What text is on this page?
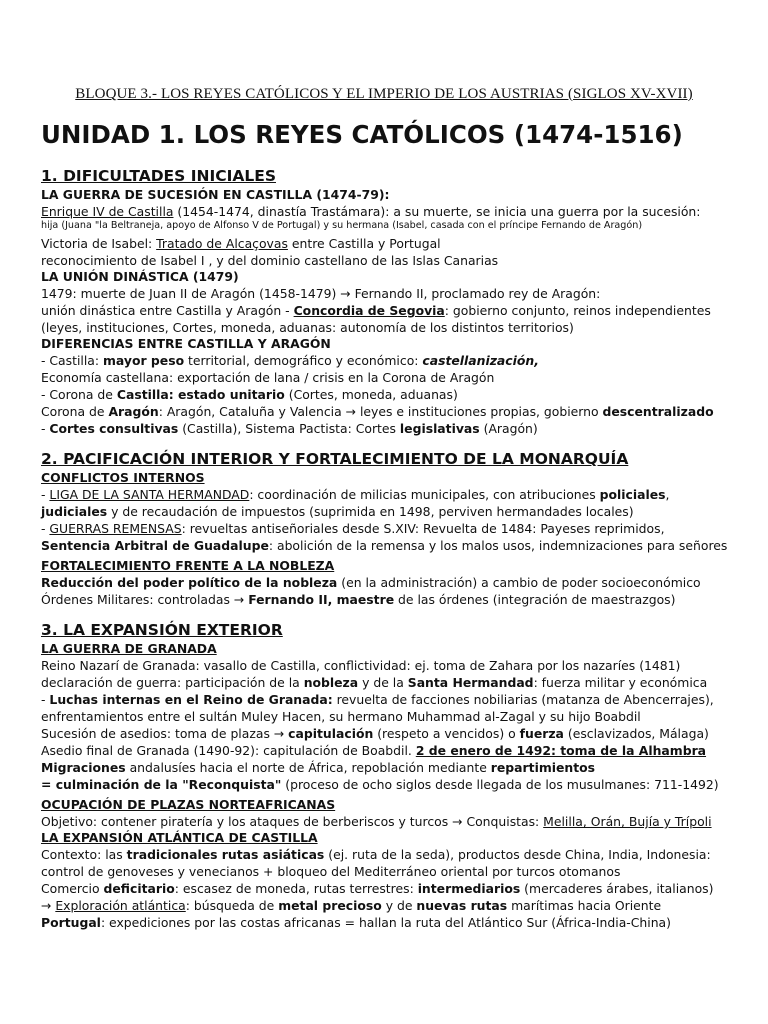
BLOQUE 3.- LOS REYES CATÓLICOS Y EL IMPERIO DE LOS AUSTRIAS (SIGLOS XV-XVII)
UNIDAD 1. LOS REYES CATÓLICOS (1474-1516)
1. DIFICULTADES INICIALES

LA GUERRA DE SUCESIÓN EN CASTILLA (1474-79):

Enrique IV de Castilla (1454-1474, dinastía Trastámara): a su muerte, se inicia una guerra por la sucesión:

hija (Juana "la Beltraneja, apoyo de Alfonso V de Portugal) y su hermana (Isabel, casada con el príncipe Fernando de Aragón)

Victoria de Isabel: Tratado de Alcaçovas entre Castilla y Portugal

reconocimiento de Isabel I , y del dominio castellano de las Islas Canarias

LA UNIÓN DINÁSTICA (1479)

1479: muerte de Juan II de Aragón (1458-1479) → Fernando II, proclamado rey de Aragón:

unión dinástica entre Castilla y Aragón - Concordia de Segovia: gobierno conjunto, reinos independientes

(leyes, instituciones, Cortes, moneda, aduanas: autonomía de los distintos territorios)

DIFERENCIAS ENTRE CASTILLA Y ARAGÓN

- Castilla: mayor peso territorial, demográfico y económico: castellanización,

Economía castellana: exportación de lana / crisis en la Corona de Aragón

- Corona de Castilla: estado unitario (Cortes, moneda, aduanas)

Corona de Aragón: Aragón, Cataluña y Valencia → leyes e instituciones propias, gobierno descentralizado

- Cortes consultivas (Castilla), Sistema Pactista: Cortes legislativas (Aragón)

2. PACIFICACIÓN INTERIOR Y FORTALECIMIENTO DE LA MONARQUÍA

CONFLICTOS INTERNOS

- LIGA DE LA SANTA HERMANDAD: coordinación de milicias municipales, con atribuciones policiales,

judiciales y de recaudación de impuestos (suprimida en 1498, perviven hermandades locales)

- GUERRAS REMENSAS: revueltas antiseñoriales desde S.XIV: Revuelta de 1484: Payeses reprimidos,

Sentencia Arbitral de Guadalupe: abolición de la remensa y los malos usos, indemnizaciones para señores

FORTALECIMIENTO FRENTE A LA NOBLEZA

Reducción del poder político de la nobleza (en la administración) a cambio de poder socioeconómico

Órdenes Militares: controladas → Fernando II, maestre de las órdenes (integración de maestrazgos)

3. LA EXPANSIÓN EXTERIOR

LA GUERRA DE GRANADA

Reino Nazarí de Granada: vasallo de Castilla, conflictividad: ej. toma de Zahara por los nazaríes (1481)

declaración de guerra: participación de la nobleza y de la Santa Hermandad: fuerza militar y económica

- Luchas internas en el Reino de Granada: revuelta de facciones nobiliarias (matanza de Abencerrajes),

enfrentamientos entre el sultán Muley Hacen, su hermano Muhammad al-Zagal y su hijo Boabdil

Sucesión de asedios: toma de plazas → capitulación (respeto a vencidos) o fuerza (esclavizados, Málaga)

Asedio final de Granada (1490-92): capitulación de Boabdil. 2 de enero de 1492: toma de la Alhambra

Migraciones andalusíes hacia el norte de África, repoblación mediante repartimientos

= culminación de la "Reconquista" (proceso de ocho siglos desde llegada de los musulmanes: 711-1492)

OCUPACIÓN DE PLAZAS NORTEAFRICANAS

Objetivo: contener piratería y los ataques de berberiscos y turcos → Conquistas: Melilla, Orán, Bujía y Trípoli

LA EXPANSIÓN ATLÁNTICA DE CASTILLA

Contexto: las tradicionales rutas asiáticas (ej. ruta de la seda), productos desde China, India, Indonesia:

control de genoveses y venecianos + bloqueo del Mediterráneo oriental por turcos otomanos

Comercio deficitario: escasez de moneda, rutas terrestres: intermediarios (mercaderes árabes, italianos)

→ Exploración atlántica: búsqueda de metal precioso y de nuevas rutas marítimas hacia Oriente

Portugal: expediciones por las costas africanas = hallan la ruta del Atlántico Sur (África-India-China)
